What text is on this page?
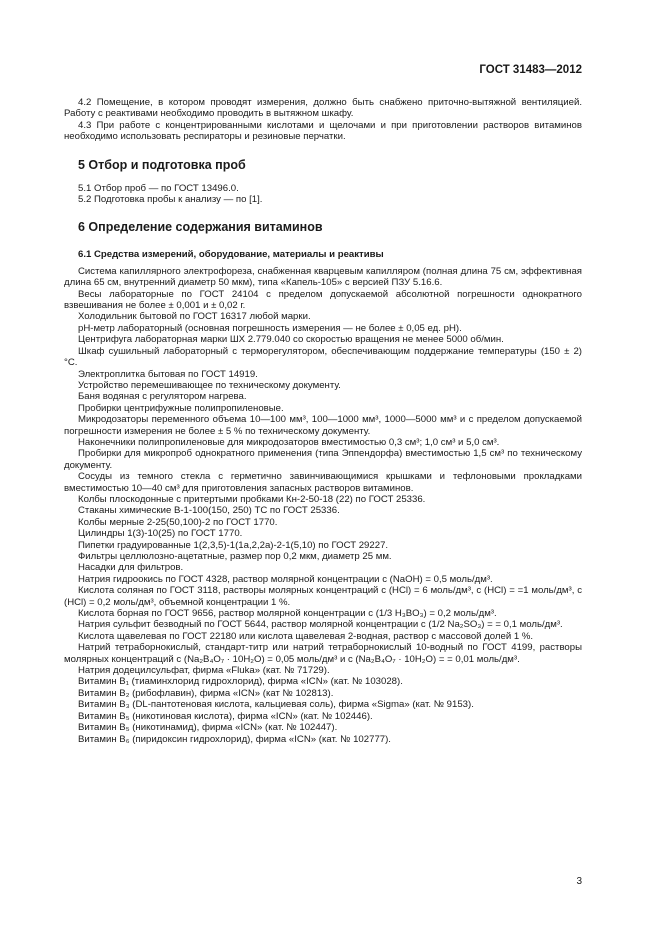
ГОСТ 31483—2012

4.2 Помещение, в котором проводят измерения, должно быть снабжено приточно-вытяжной вентиляцией. Работу с реактивами необходимо проводить в вытяжном шкафу.

4.3 При работе с концентрированными кислотами и щелочами и при приготовлении растворов витаминов необходимо использовать респираторы и резиновые перчатки.

5 Отбор и подготовка проб

5.1 Отбор проб — по ГОСТ 13496.0.

5.2 Подготовка пробы к анализу — по [1].

6 Определение содержания витаминов
6.1 Средства измерений, оборудование, материалы и реактивы

Система капиллярного электрофореза, снабженная кварцевым капилляром (полная длина 75 см, эффективная длина 65 см, внутренний диаметр 50 мкм), типа «Капель-105» с версией ПЗУ 5.16.6.

Весы лабораторные по ГОСТ 24104 с пределом допускаемой абсолютной погрешности однократного взвешивания не более ± 0,001 и ± 0,02 г.

Холодильник бытовой по ГОСТ 16317 любой марки.

рН-метр лабораторный (основная погрешность измерения — не более ± 0,05 ед. рН).

Центрифуга лабораторная марки ШХ 2.779.040 со скоростью вращения не менее 5000 об/мин.

Шкаф сушильный лабораторный с терморегулятором, обеспечивающим поддержание температуры (150 ± 2) °С.

Электроплитка бытовая по ГОСТ 14919.

Устройство перемешивающее по техническому документу.

Баня водяная с регулятором нагрева.

Пробирки центрифужные полипропиленовые.

Микродозаторы переменного объема 10—100 мм³, 100—1000 мм³, 1000—5000 мм³ и с пределом допускаемой погрешности измерения не более ± 5 % по техническому документу.

Наконечники полипропиленовые для микродозаторов вместимостью 0,3 см³; 1,0 см³ и 5,0 см³.

Пробирки для микропроб однократного применения (типа Эппендорфа) вместимостью 1,5 см³ по техническому документу.

Сосуды из темного стекла с герметично завинчивающимися крышками и тефлоновыми прокладками вместимостью 10—40 см³ для приготовления запасных растворов витаминов.

Колбы плоскодонные с притертыми пробками Кн-2-50-18 (22) по ГОСТ 25336.

Стаканы химические В-1-100(150, 250) ТС по ГОСТ 25336.

Колбы мерные 2-25(50,100)-2 по ГОСТ 1770.

Цилиндры 1(3)-10(25) по ГОСТ 1770.

Пипетки градуированные 1(2,3,5)-1(1а,2,2а)-2-1(5,10) по ГОСТ 29227.

Фильтры целлюлозно-ацетатные, размер пор 0,2 мкм, диаметр 25 мм.

Насадки для фильтров.

Натрия гидроокись по ГОСТ 4328, раствор молярной концентрации c (NaOH) = 0,5 моль/дм³.

Кислота соляная по ГОСТ 3118, растворы молярных концентраций c (HCl) = 6 моль/дм³, c (HCl) = =1 моль/дм³, c (HCl) = 0,2 моль/дм³, объемной концентрации 1 %.

Кислота борная по ГОСТ 9656, раствор молярной концентрации c (1/3 H₃BO₃) = 0,2 моль/дм³.

Натрия сульфит безводный по ГОСТ 5644, раствор молярной концентрации c (1/2 Na₂SO₃) = = 0,1 моль/дм³.

Кислота щавелевая по ГОСТ 22180 или кислота щавелевая 2-водная, раствор с массовой долей 1 %.

Натрий тетраборнокислый, стандарт-титр или натрий тетраборнокислый 10-водный по ГОСТ 4199, растворы молярных концентраций c (Na₂B₄O₇ · 10H₂O) = 0,05 моль/дм³ и c (Na₂B₄O₇ · 10H₂O) = = 0,01 моль/дм³.

Натрия додецилсульфат, фирма «Fluka» (кат. № 71729).

Витамин B₁ (тиаминхлорид гидрохлорид), фирма «ICN» (кат. № 103028).

Витамин B₂ (рибофлавин), фирма «ICN» (кат № 102813).

Витамин B₃ (DL-пантотеновая кислота, кальциевая соль), фирма «Sigma» (кат. № 9153).

Витамин B₅ (никотиновая кислота), фирма «ICN» (кат. № 102446).

Витамин B₅ (никотинамид), фирма «ICN» (кат. № 102447).

Витамин B₆ (пиридоксин гидрохлорид), фирма «ICN» (кат. № 102777).

3
